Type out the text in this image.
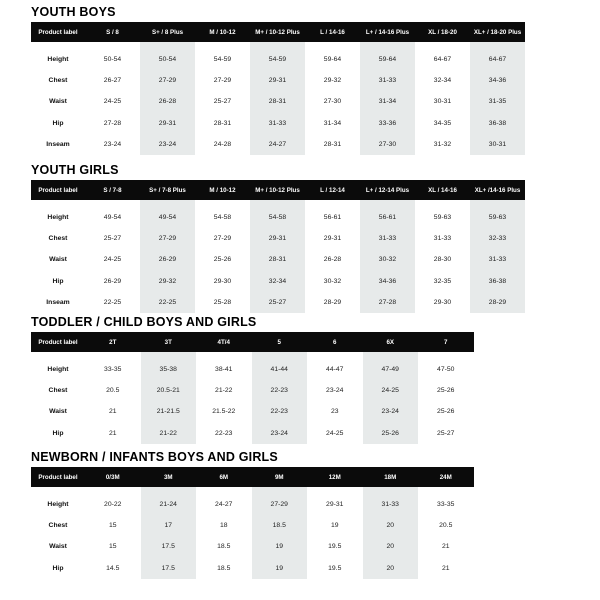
YOUTH BOYS
Product label	S / 8	S+ / 8 Plus	M / 10-12	M+ / 10-12 Plus	L / 14-16	L+ / 14-16 Plus	XL / 18-20	XL+ / 18-20 Plus

Height	50-54	50-54	54-59	54-59	59-64	59-64	64-67	64-67
Chest	26-27	27-29	27-29	29-31	29-32	31-33	32-34	34-36
Waist	24-25	26-28	25-27	28-31	27-30	31-34	30-31	31-35
Hip	27-28	29-31	28-31	31-33	31-34	33-36	34-35	36-38
Inseam	23-24	23-24	24-28	24-27	28-31	27-30	31-32	30-31
YOUTH GIRLS
Product label	S / 7-8	S+ / 7-8 Plus	M / 10-12	M+ / 10-12 Plus	L / 12-14	L+ / 12-14 Plus	XL / 14-16	XL+ /14-16 Plus

Height	49-54	49-54	54-58	54-58	56-61	56-61	59-63	59-63
Chest	25-27	27-29	27-29	29-31	29-31	31-33	31-33	32-33
Waist	24-25	26-29	25-26	28-31	26-28	30-32	28-30	31-33
Hip	26-29	29-32	29-30	32-34	30-32	34-36	32-35	36-38
Inseam	22-25	22-25	25-28	25-27	28-29	27-28	29-30	28-29
TODDLER / CHILD BOYS AND GIRLS
Product label	2T	3T	4T/4	5	6	6X	7

Height	33-35	35-38	38-41	41-44	44-47	47-49	47-50
Chest	20.5	20.5-21	21-22	22-23	23-24	24-25	25-26
Waist	21	21-21.5	21.5-22	22-23	23	23-24	25-26
Hip	21	21-22	22-23	23-24	24-25	25-26	25-27
NEWBORN / INFANTS BOYS AND GIRLS
Product label	0/3M	3M	6M	9M	12M	18M	24M

Height	20-22	21-24	24-27	27-29	29-31	31-33	33-35
Chest	15	17	18	18.5	19	20	20.5
Waist	15	17.5	18.5	19	19.5	20	21
Hip	14.5	17.5	18.5	19	19.5	20	21
